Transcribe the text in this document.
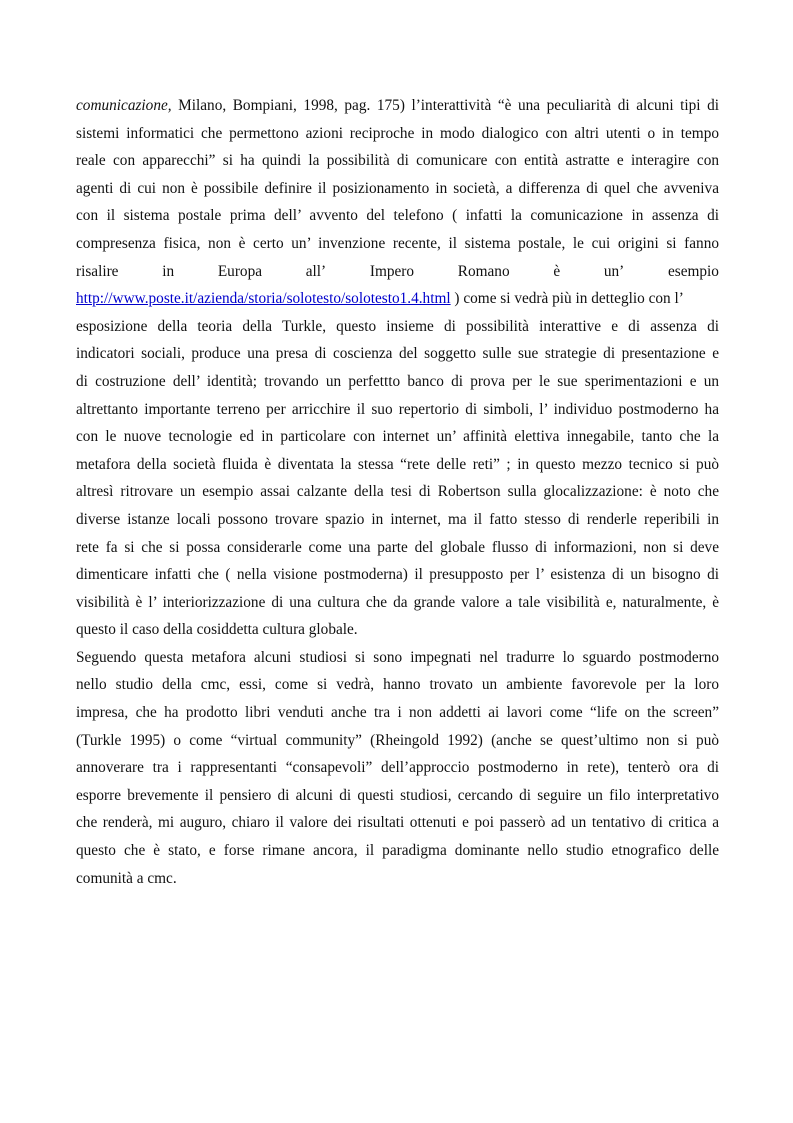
comunicazione, Milano, Bompiani, 1998, pag. 175) l’interattività “è una peculiarità di alcuni tipi di
sistemi informatici che permettono azioni reciproche in modo dialogico con altri utenti o in tempo
reale con apparecchi” si ha quindi la possibilità di comunicare con entità astratte e interagire con
agenti di cui non è possibile definire il posizionamento in società, a differenza di quel che avveniva
con il sistema postale prima dell’ avvento del telefono ( infatti la comunicazione in assenza di
compresenza fisica, non è certo un’ invenzione recente, il sistema postale, le cui origini si fanno
risalire	in	Europa	all’	Impero	Romano	è	un’	esempio
http://www.poste.it/azienda/storia/solotesto/solotesto1.4.html ) come si vedrà più in detteglio con l’
esposizione della teoria della Turkle, questo insieme di possibilità interattive e di assenza di
indicatori sociali, produce una presa di coscienza del soggetto sulle sue strategie di presentazione e
di costruzione dell’ identità; trovando un perfettto banco di prova per le sue sperimentazioni e un
altrettanto importante terreno per arricchire il suo repertorio di simboli, l’ individuo postmoderno ha
con le nuove tecnologie ed in particolare con internet un’ affinità elettiva innegabile, tanto che la
metafora della società fluida è diventata la stessa “rete delle reti” ; in questo mezzo tecnico si può
altresì ritrovare un esempio assai calzante della tesi di Robertson sulla glocalizzazione: è noto che
diverse istanze locali possono trovare spazio in internet, ma il fatto stesso di renderle reperibili in
rete fa si che si possa considerarle come una parte del globale flusso di informazioni, non si deve
dimenticare infatti che ( nella visione postmoderna) il presupposto per l’ esistenza di un bisogno di
visibilità è l’ interiorizzazione di una cultura che da grande valore a tale visibilità e, naturalmente, è
questo il caso della cosiddetta cultura globale.

Seguendo questa metafora alcuni studiosi si sono impegnati nel tradurre lo sguardo postmoderno
nello studio della cmc, essi, come si vedrà, hanno trovato un ambiente favorevole per la loro
impresa, che ha prodotto libri venduti anche tra i non addetti ai lavori come “life on the screen”
(Turkle 1995) o come “virtual community” (Rheingold 1992) (anche se quest’ultimo non si può
annoverare tra i rappresentanti “consapevoli” dell’approccio postmoderno in rete), tenterò ora di
esporre brevemente il pensiero di alcuni di questi studiosi, cercando di seguire un filo interpretativo
che renderà, mi auguro, chiaro il valore dei risultati ottenuti e poi passerò ad un tentativo di critica a
questo che è stato, e forse rimane ancora, il paradigma dominante nello studio etnografico delle
comunità a cmc.
